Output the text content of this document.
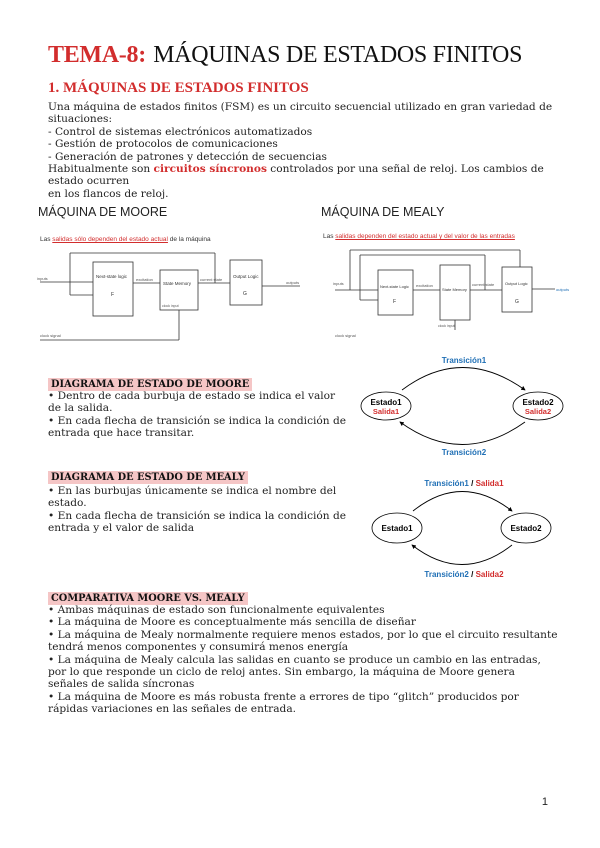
TEMA-8: MÁQUINAS DE ESTADOS FINITOS
1. MÁQUINAS DE ESTADOS FINITOS
Una máquina de estados finitos (FSM) es un circuito secuencial utilizado en gran variedad de situaciones:
- Control de sistemas electrónicos automatizados
- Gestión de protocolos de comunicaciones
- Generación de patrones y detección de secuencias
Habitualmente son circuitos síncronos controlados por una señal de reloj. Los cambios de estado ocurren
en los flancos de reloj.
MÁQUINA DE MOORE
Las salidas sólo dependen del estado actual de la máquina
inputs	excitation	current state
outputs
clock input
clock signal
Next-state logic
F
State Memory
Output Logic
G
MÁQUINA DE MEALY
Las salidas dependen del estado actual y del valor de las entradas
inputs	excitation	current state
outputs
clock input
clock signal
Next-state Logic
F
State Memory
Output Logic
G
DIAGRAMA DE ESTADO DE MOORE
• Dentro de cada burbuja de estado se indica el valor de la salida.
• En cada flecha de transición se indica la condición de entrada que hace transitar.
Estado1
Salida1
Estado2
Salida2
Transición1
Transición2
DIAGRAMA DE ESTADO DE MEALY
• En las burbujas únicamente se indica el nombre del estado.
• En cada flecha de transición se indica la condición de entrada y el valor de salida	Estado1	Estado2
Transición1 / Salida1
Transición2 / Salida2
COMPARATIVA MOORE VS. MEALY
• Ambas máquinas de estado son funcionalmente equivalentes
• La máquina de Moore es conceptualmente más sencilla de diseñar
• La máquina de Mealy normalmente requiere menos estados, por lo que el circuito resultante tendrá menos componentes y consumirá menos energía
• La máquina de Mealy calcula las salidas en cuanto se produce un cambio en las entradas, por lo que responde un ciclo de reloj antes. Sin embargo, la máquina de Moore genera señales de salida síncronas
• La máquina de Moore es más robusta frente a errores de tipo “glitch” producidos por rápidas variaciones en las señales de entrada.
1
